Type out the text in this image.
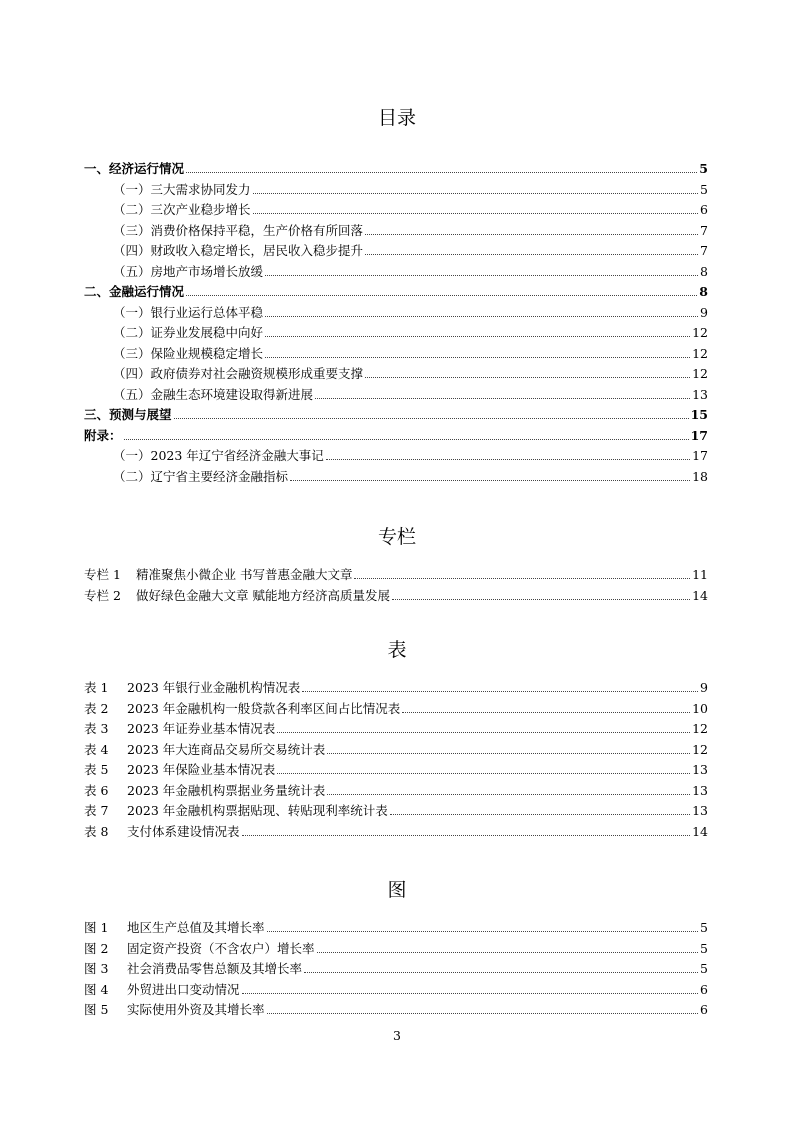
目录
一、经济运行情况	5
（一）三大需求协同发力	5
（二）三次产业稳步增长	6
（三）消费价格保持平稳，生产价格有所回落	7
（四）财政收入稳定增长，居民收入稳步提升	7
（五）房地产市场增长放缓	8
二、金融运行情况	8
（一）银行业运行总体平稳	9
（二）证券业发展稳中向好	12
（三）保险业规模稳定增长	12
（四）政府债券对社会融资规模形成重要支撑	12
（五）金融生态环境建设取得新进展	13
三、预测与展望	15
附录：	17
（一）2023 年辽宁省经济金融大事记	17
（二）辽宁省主要经济金融指标	18
专栏
专栏 1	精准聚焦小微企业 书写普惠金融大文章	11
专栏 2	做好绿色金融大文章 赋能地方经济高质量发展	14
表
表 1	2023 年银行业金融机构情况表	9
表 2	2023 年金融机构一般贷款各利率区间占比情况表	10
表 3	2023 年证券业基本情况表	12
表 4	2023 年大连商品交易所交易统计表	12
表 5	2023 年保险业基本情况表	13
表 6	2023 年金融机构票据业务量统计表	13
表 7	2023 年金融机构票据贴现、转贴现利率统计表	13
表 8	支付体系建设情况表	14
图
图 1	地区生产总值及其增长率	5
图 2	固定资产投资（不含农户）增长率	5
图 3	社会消费品零售总额及其增长率	5
图 4	外贸进出口变动情况	6
图 5	实际使用外资及其增长率	6
3
